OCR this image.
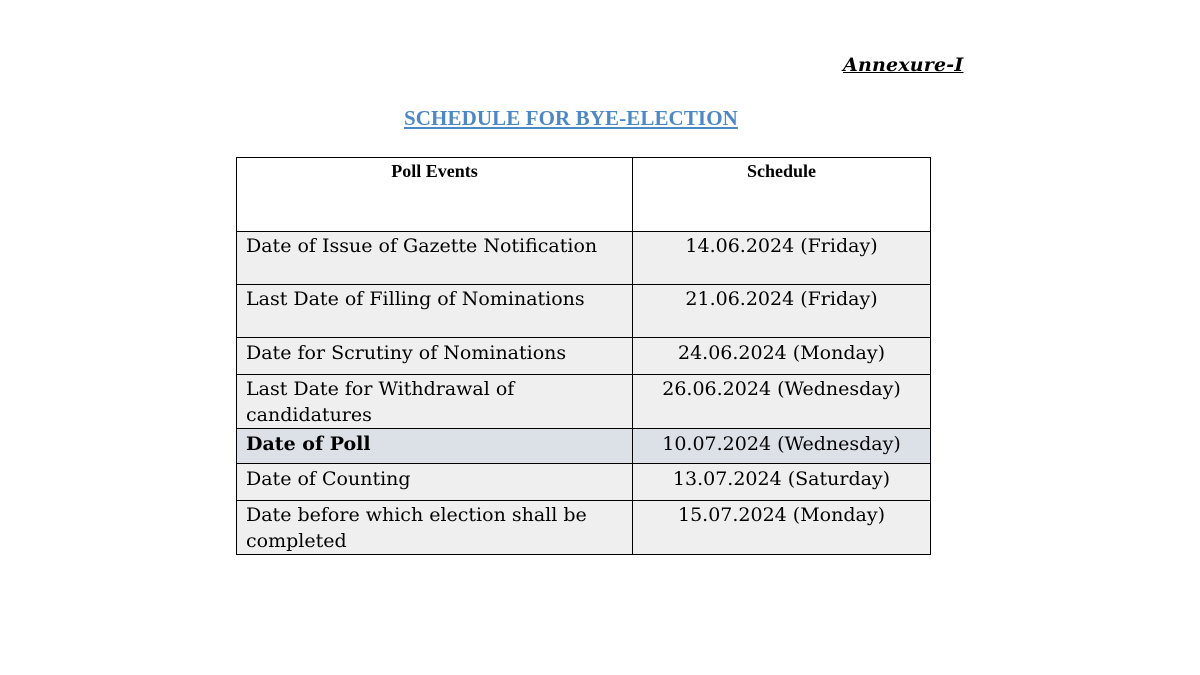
Annexure-I
SCHEDULE FOR BYE-ELECTION
Poll Events	Schedule

Date of Issue of Gazette Notification	14.06.2024 (Friday)

Last Date of Filling of Nominations	21.06.2024 (Friday)

Date for Scrutiny of Nominations	24.06.2024 (Monday)

Last Date for Withdrawal of candidatures	26.06.2024 (Wednesday)

Date of Poll	10.07.2024 (Wednesday)

Date of Counting	13.07.2024 (Saturday)

Date before which election shall be completed	15.07.2024 (Monday)
